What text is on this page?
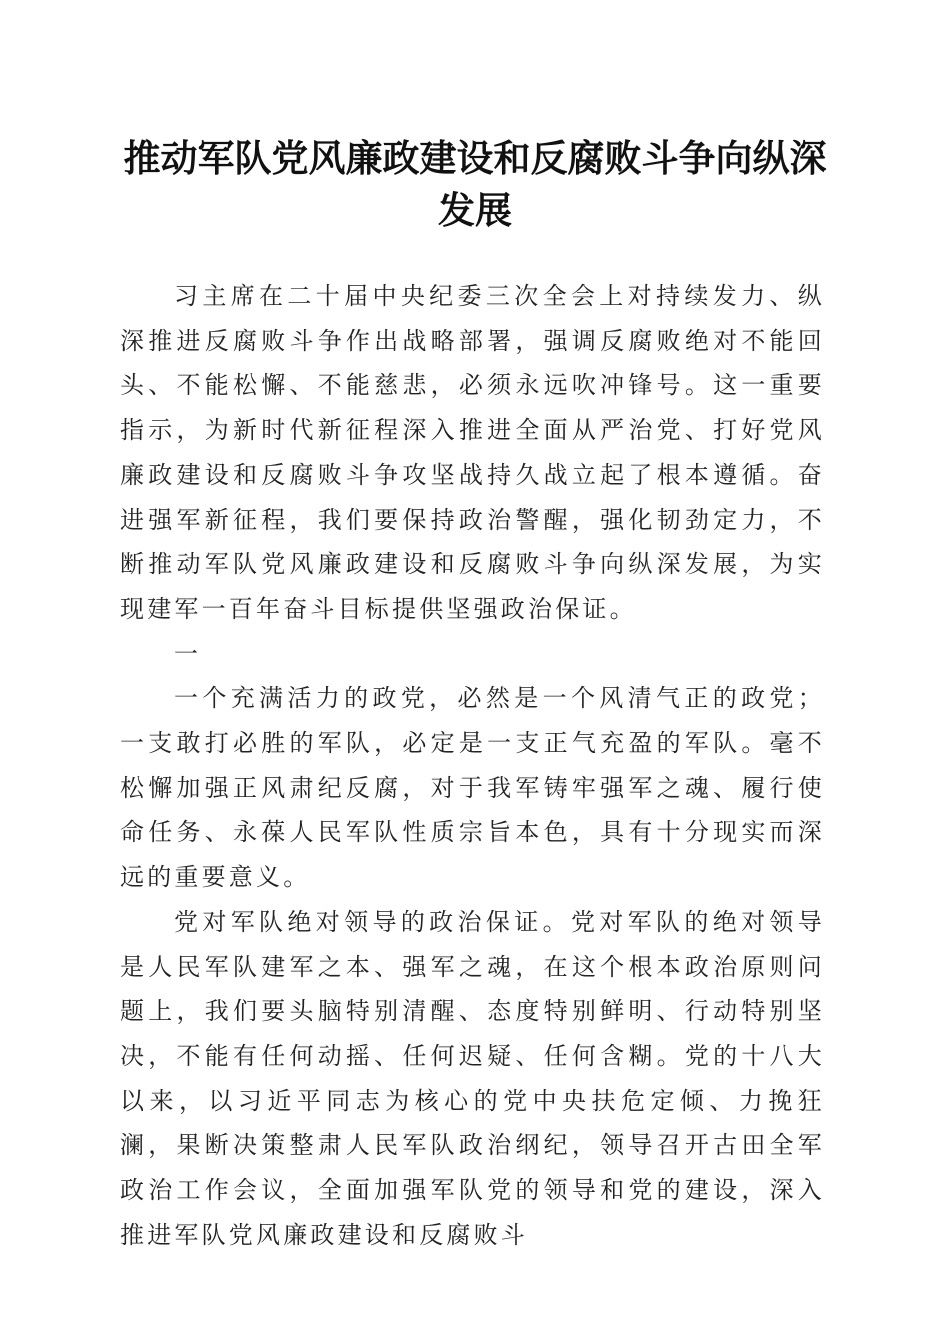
推动军队党风廉政建设和反腐败斗争向纵深发展

习主席在二十届中央纪委三次全会上对持续发力、纵深推进反腐败斗争作出战略部署，强调反腐败绝对不能回头、不能松懈、不能慈悲，必须永远吹冲锋号。这一重要指示，为新时代新征程深入推进全面从严治党、打好党风廉政建设和反腐败斗争攻坚战持久战立起了根本遵循。奋进强军新征程，我们要保持政治警醒，强化韧劲定力，不断推动军队党风廉政建设和反腐败斗争向纵深发展，为实现建军一百年奋斗目标提供坚强政治保证。

一

一个充满活力的政党，必然是一个风清气正的政党；一支敢打必胜的军队，必定是一支正气充盈的军队。毫不松懈加强正风肃纪反腐，对于我军铸牢强军之魂、履行使命任务、永葆人民军队性质宗旨本色，具有十分现实而深远的重要意义。

党对军队绝对领导的政治保证。党对军队的绝对领导是人民军队建军之本、强军之魂，在这个根本政治原则问题上，我们要头脑特别清醒、态度特别鲜明、行动特别坚决，不能有任何动摇、任何迟疑、任何含糊。党的十八大以来，以习近平同志为核心的党中央扶危定倾、力挽狂澜，果断决策整肃人民军队政治纲纪，领导召开古田全军政治工作会议，全面加强军队党的领导和党的建设，深入推进军队党风廉政建设和反腐败斗
